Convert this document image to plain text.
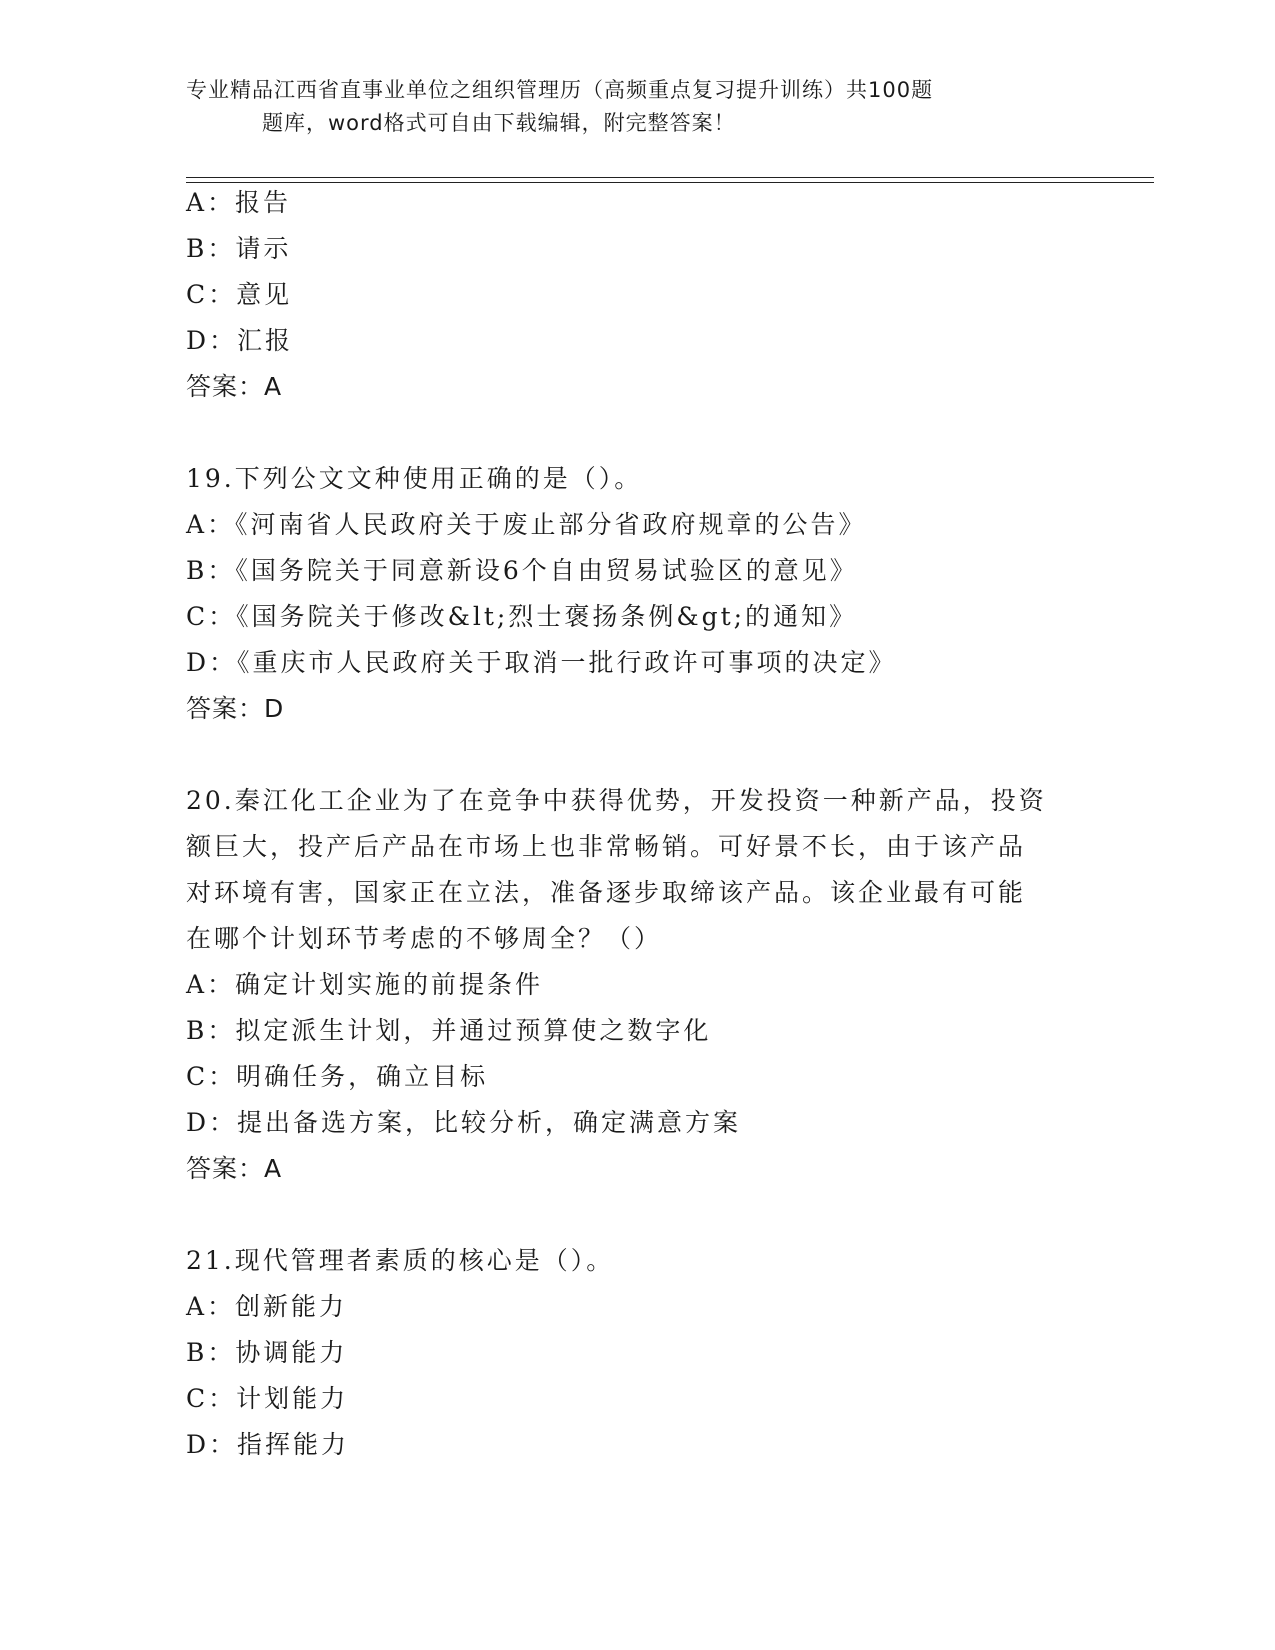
专业精品江西省直事业单位之组织管理历（高频重点复习提升训练）共100题
题库，word格式可自由下载编辑，附完整答案！
A：报告
B：请示
C：意见
D：汇报
答案：A
19.下列公文文种使用正确的是（）。
A：《河南省人民政府关于废止部分省政府规章的公告》
B：《国务院关于同意新设6个自由贸易试验区的意见》
C：《国务院关于修改&lt;烈士褒扬条例&gt;的通知》
D：《重庆市人民政府关于取消一批行政许可事项的决定》
答案：D
20.秦江化工企业为了在竞争中获得优势，开发投资一种新产品，投资
额巨大，投产后产品在市场上也非常畅销。可好景不长，由于该产品
对环境有害，国家正在立法，准备逐步取缔该产品。该企业最有可能
在哪个计划环节考虑的不够周全？（）
A：确定计划实施的前提条件
B：拟定派生计划，并通过预算使之数字化
C：明确任务，确立目标
D：提出备选方案，比较分析，确定满意方案
答案：A
21.现代管理者素质的核心是（）。
A：创新能力
B：协调能力
C：计划能力
D：指挥能力
